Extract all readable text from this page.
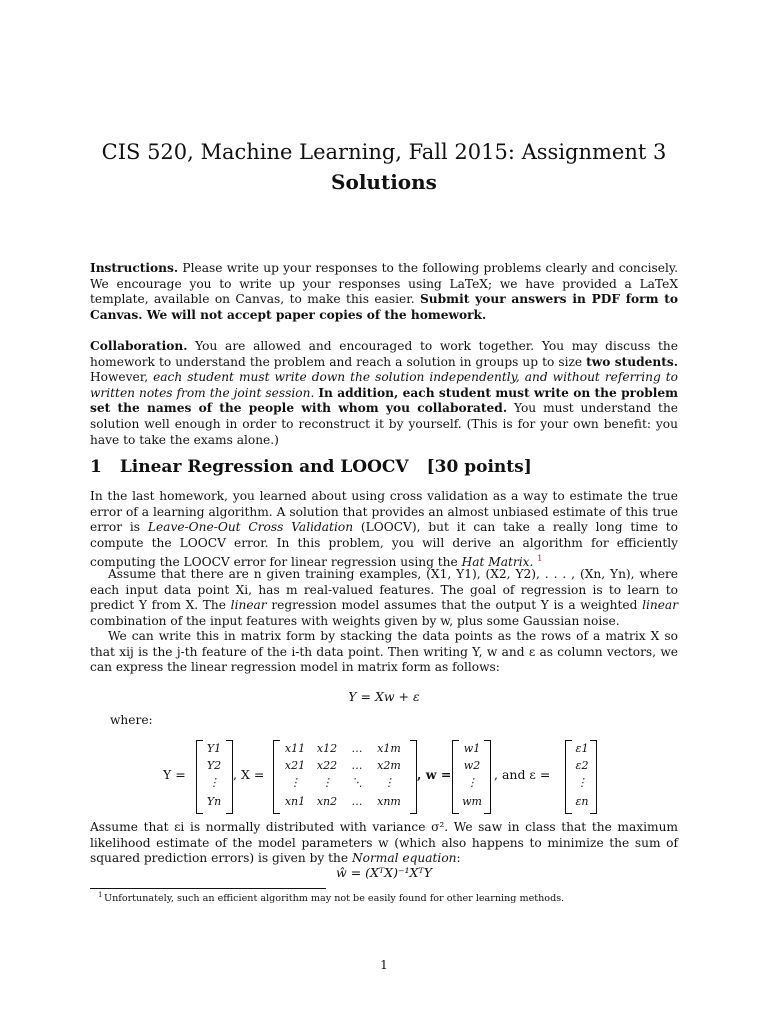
CIS 520, Machine Learning, Fall 2015: Assignment 3
Solutions
Instructions. Please write up your responses to the following problems clearly and concisely. We encourage you to write up your responses using LaTeX; we have provided a LaTeX template, available on Canvas, to make this easier. Submit your answers in PDF form to Canvas. We will not accept paper copies of the homework.
Collaboration. You are allowed and encouraged to work together. You may discuss the homework to understand the problem and reach a solution in groups up to size two students. However, each student must write down the solution independently, and without referring to written notes from the joint session. In addition, each student must write on the problem set the names of the people with whom you collaborated. You must understand the solution well enough in order to reconstruct it by yourself. (This is for your own benefit: you have to take the exams alone.)
1 Linear Regression and LOOCV [30 points]
In the last homework, you learned about using cross validation as a way to estimate the true error of a learning algorithm. A solution that provides an almost unbiased estimate of this true error is Leave-One-Out Cross Validation (LOOCV), but it can take a really long time to compute the LOOCV error. In this problem, you will derive an algorithm for efficiently computing the LOOCV error for linear regression using the Hat Matrix. $^1$
Assume that there are n given training examples, (X1, Y1), (X2, Y2), . . . , (Xn, Yn), where each input data point Xi, has m real-valued features. The goal of regression is to learn to predict Y from X. The linear regression model assumes that the output Y is a weighted linear combination of the input features with weights given by w, plus some Gaussian noise.
We can write this in matrix form by stacking the data points as the rows of a matrix X so that xij is the j-th feature of the i-th data point. Then writing Y, w and ε as column vectors, we can express the linear regression model in matrix form as follows:
Y = Xw + ε
where:
Y =
Y1
Y2
⋮
Yn
, X =
x11	x12	…	x1m
x21	x22	…	x2m
⋮	⋮	⋱	⋮
xn1	xn2	…	xnm
, w =
w1
w2
⋮
wm
, and ε =
ε1
ε2
⋮
εn
Assume that εi is normally distributed with variance σ². We saw in class that the maximum likelihood estimate of the model parameters w (which also happens to minimize the sum of squared prediction errors) is given by the Normal equation:
ŵ = (XᵀX)⁻¹XᵀY
1 Unfortunately, such an efficient algorithm may not be easily found for other learning methods.
1
